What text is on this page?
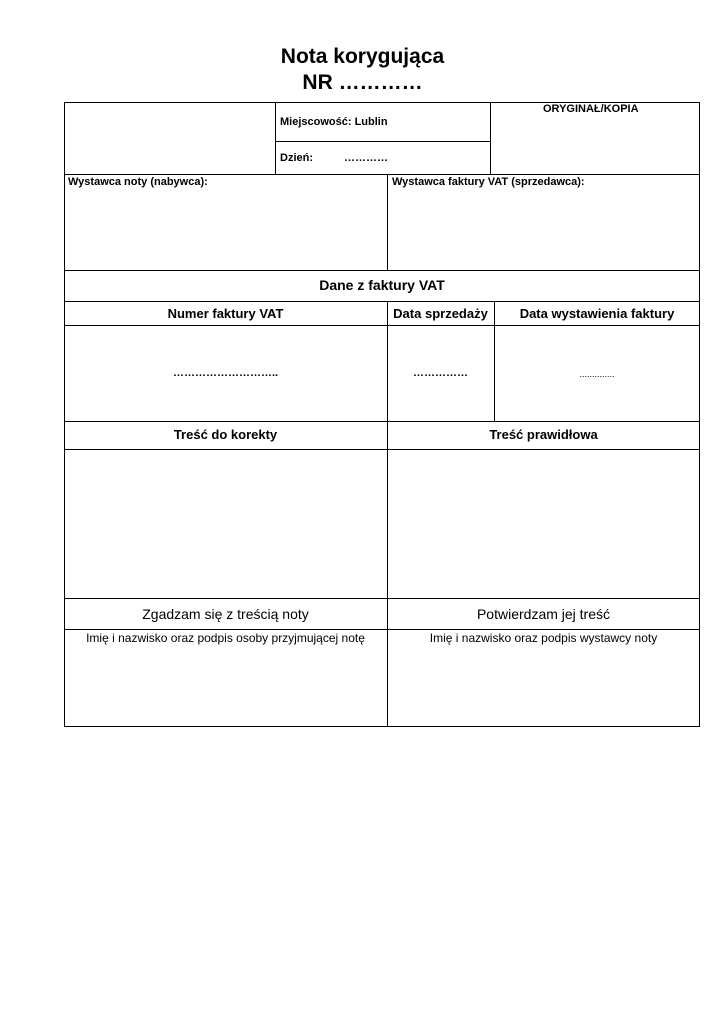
Nota korygująca
NR …………
Miejscowość: Lublin
Dzień:	…………
ORYGINAŁ/KOPIA
Wystawca noty (nabywca):	Wystawca faktury VAT (sprzedawca):
Dane z faktury VAT
Numer faktury VAT	Data sprzedaży	Data wystawienia faktury
………………………..	……………	..............
Treść do korekty	Treść prawidłowa
Zgadzam się z treścią noty	Potwierdzam jej treść
Imię i nazwisko oraz podpis osoby przyjmującej notę	Imię i nazwisko oraz podpis wystawcy noty
